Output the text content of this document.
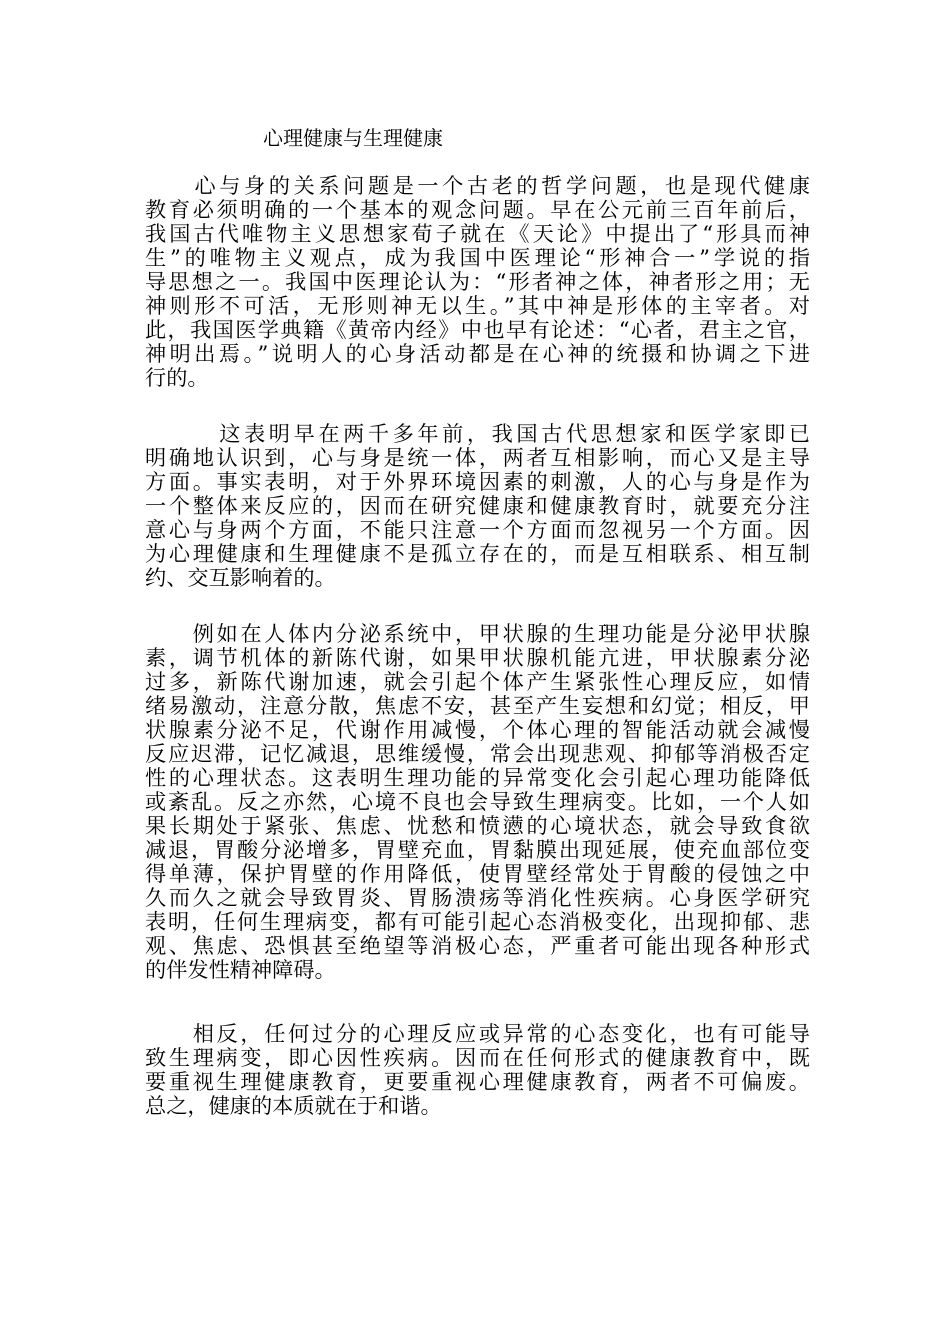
心理健康与生理健康
　　心与身的关系问题是一个古老的哲学问题，也是现代健康
教育必须明确的一个基本的观念问题。早在公元前三百年前后，
我国古代唯物主义思想家荀子就在《天论》中提出了“形具而神
生”的唯物主义观点，成为我国中医理论“形神合一”学说的指
导思想之一。我国中医理论认为：“形者神之体，神者形之用；无
神则形不可活，无形则神无以生。”其中神是形体的主宰者。对
此，我国医学典籍《黄帝内经》中也早有论述：“心者，君主之官，
神明出焉。”说明人的心身活动都是在心神的统摄和协调之下进
行的。
　　　这表明早在两千多年前，我国古代思想家和医学家即已
明确地认识到，心与身是统一体，两者互相影响，而心又是主导
方面。事实表明，对于外界环境因素的刺激，人的心与身是作为
一个整体来反应的，因而在研究健康和健康教育时，就要充分注
意心与身两个方面，不能只注意一个方面而忽视另一个方面。因
为心理健康和生理健康不是孤立存在的，而是互相联系、相互制
约、交互影响着的。
　　例如在人体内分泌系统中，甲状腺的生理功能是分泌甲状腺
素，调节机体的新陈代谢，如果甲状腺机能亢进，甲状腺素分泌
过多，新陈代谢加速，就会引起个体产生紧张性心理反应，如情
绪易激动，注意分散，焦虑不安，甚至产生妄想和幻觉；相反，甲
状腺素分泌不足，代谢作用减慢，个体心理的智能活动就会减慢
反应迟滞，记忆减退，思维缓慢，常会出现悲观、抑郁等消极否定
性的心理状态。这表明生理功能的异常变化会引起心理功能降低
或紊乱。反之亦然，心境不良也会导致生理病变。比如，一个人如
果长期处于紧张、焦虑、忧愁和愤懑的心境状态，就会导致食欲
减退，胃酸分泌增多，胃壁充血，胃黏膜出现延展，使充血部位变
得单薄，保护胃壁的作用降低，使胃壁经常处于胃酸的侵蚀之中
久而久之就会导致胃炎、胃肠溃疡等消化性疾病。心身医学研究
表明，任何生理病变，都有可能引起心态消极变化，出现抑郁、悲
观、焦虑、恐惧甚至绝望等消极心态，严重者可能出现各种形式
的伴发性精神障碍。
　　相反，任何过分的心理反应或异常的心态变化，也有可能导
致生理病变，即心因性疾病。因而在任何形式的健康教育中，既
要重视生理健康教育，更要重视心理健康教育，两者不可偏废。
总之，健康的本质就在于和谐。
